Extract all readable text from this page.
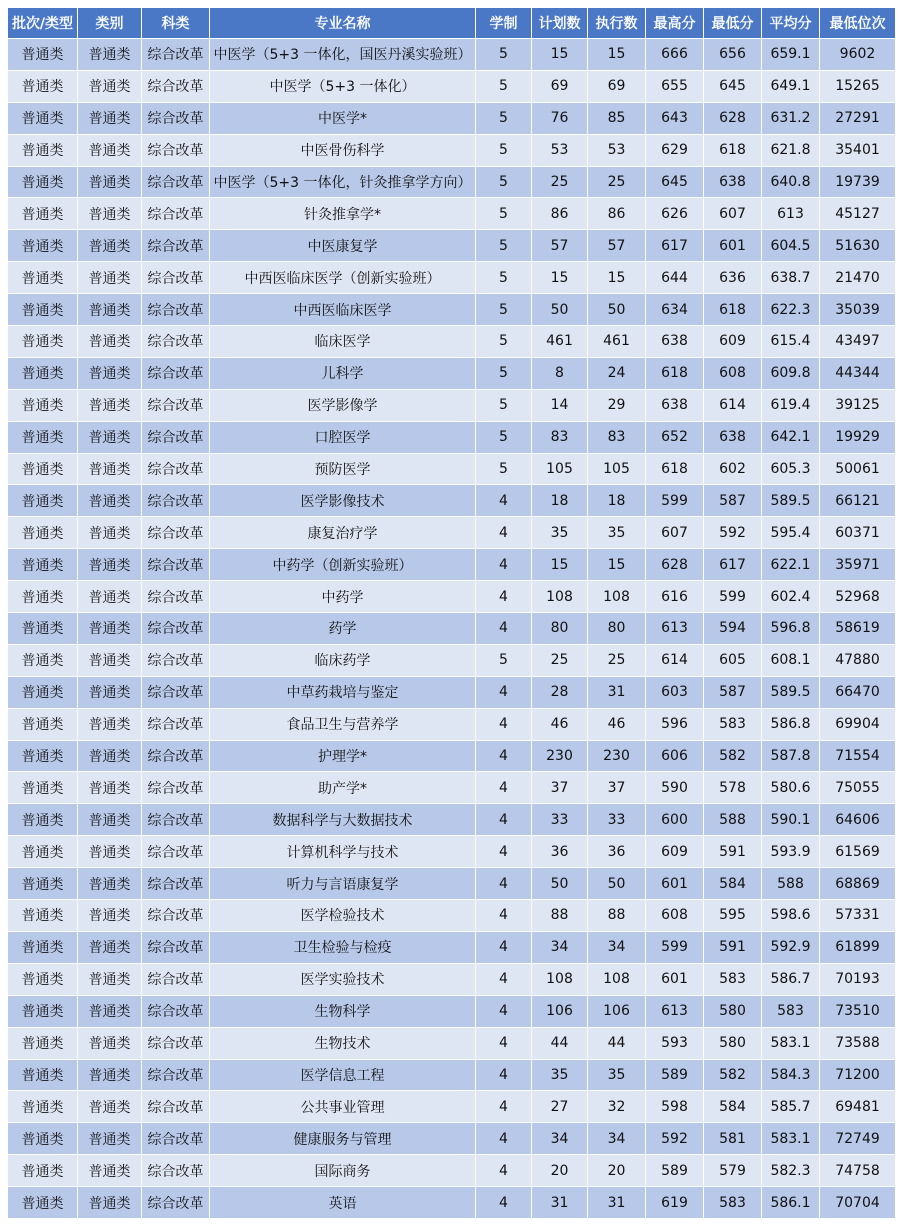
批次/类型	类别	科类	专业名称	学制	计划数	执行数	最高分	最低分	平均分	最低位次
普通类	普通类	综合改革	中医学（5+3 一体化，国医丹溪实验班）	5	15	15	666	656	659.1	9602
普通类	普通类	综合改革	中医学（5+3 一体化）	5	69	69	655	645	649.1	15265
普通类	普通类	综合改革	中医学*	5	76	85	643	628	631.2	27291
普通类	普通类	综合改革	中医骨伤科学	5	53	53	629	618	621.8	35401
普通类	普通类	综合改革	中医学（5+3 一体化，针灸推拿学方向）	5	25	25	645	638	640.8	19739
普通类	普通类	综合改革	针灸推拿学*	5	86	86	626	607	613	45127
普通类	普通类	综合改革	中医康复学	5	57	57	617	601	604.5	51630
普通类	普通类	综合改革	中西医临床医学（创新实验班）	5	15	15	644	636	638.7	21470
普通类	普通类	综合改革	中西医临床医学	5	50	50	634	618	622.3	35039
普通类	普通类	综合改革	临床医学	5	461	461	638	609	615.4	43497
普通类	普通类	综合改革	儿科学	5	8	24	618	608	609.8	44344
普通类	普通类	综合改革	医学影像学	5	14	29	638	614	619.4	39125
普通类	普通类	综合改革	口腔医学	5	83	83	652	638	642.1	19929
普通类	普通类	综合改革	预防医学	5	105	105	618	602	605.3	50061
普通类	普通类	综合改革	医学影像技术	4	18	18	599	587	589.5	66121
普通类	普通类	综合改革	康复治疗学	4	35	35	607	592	595.4	60371
普通类	普通类	综合改革	中药学（创新实验班）	4	15	15	628	617	622.1	35971
普通类	普通类	综合改革	中药学	4	108	108	616	599	602.4	52968
普通类	普通类	综合改革	药学	4	80	80	613	594	596.8	58619
普通类	普通类	综合改革	临床药学	5	25	25	614	605	608.1	47880
普通类	普通类	综合改革	中草药栽培与鉴定	4	28	31	603	587	589.5	66470
普通类	普通类	综合改革	食品卫生与营养学	4	46	46	596	583	586.8	69904
普通类	普通类	综合改革	护理学*	4	230	230	606	582	587.8	71554
普通类	普通类	综合改革	助产学*	4	37	37	590	578	580.6	75055
普通类	普通类	综合改革	数据科学与大数据技术	4	33	33	600	588	590.1	64606
普通类	普通类	综合改革	计算机科学与技术	4	36	36	609	591	593.9	61569
普通类	普通类	综合改革	听力与言语康复学	4	50	50	601	584	588	68869
普通类	普通类	综合改革	医学检验技术	4	88	88	608	595	598.6	57331
普通类	普通类	综合改革	卫生检验与检疫	4	34	34	599	591	592.9	61899
普通类	普通类	综合改革	医学实验技术	4	108	108	601	583	586.7	70193
普通类	普通类	综合改革	生物科学	4	106	106	613	580	583	73510
普通类	普通类	综合改革	生物技术	4	44	44	593	580	583.1	73588
普通类	普通类	综合改革	医学信息工程	4	35	35	589	582	584.3	71200
普通类	普通类	综合改革	公共事业管理	4	27	32	598	584	585.7	69481
普通类	普通类	综合改革	健康服务与管理	4	34	34	592	581	583.1	72749
普通类	普通类	综合改革	国际商务	4	20	20	589	579	582.3	74758
普通类	普通类	综合改革	英语	4	31	31	619	583	586.1	70704
